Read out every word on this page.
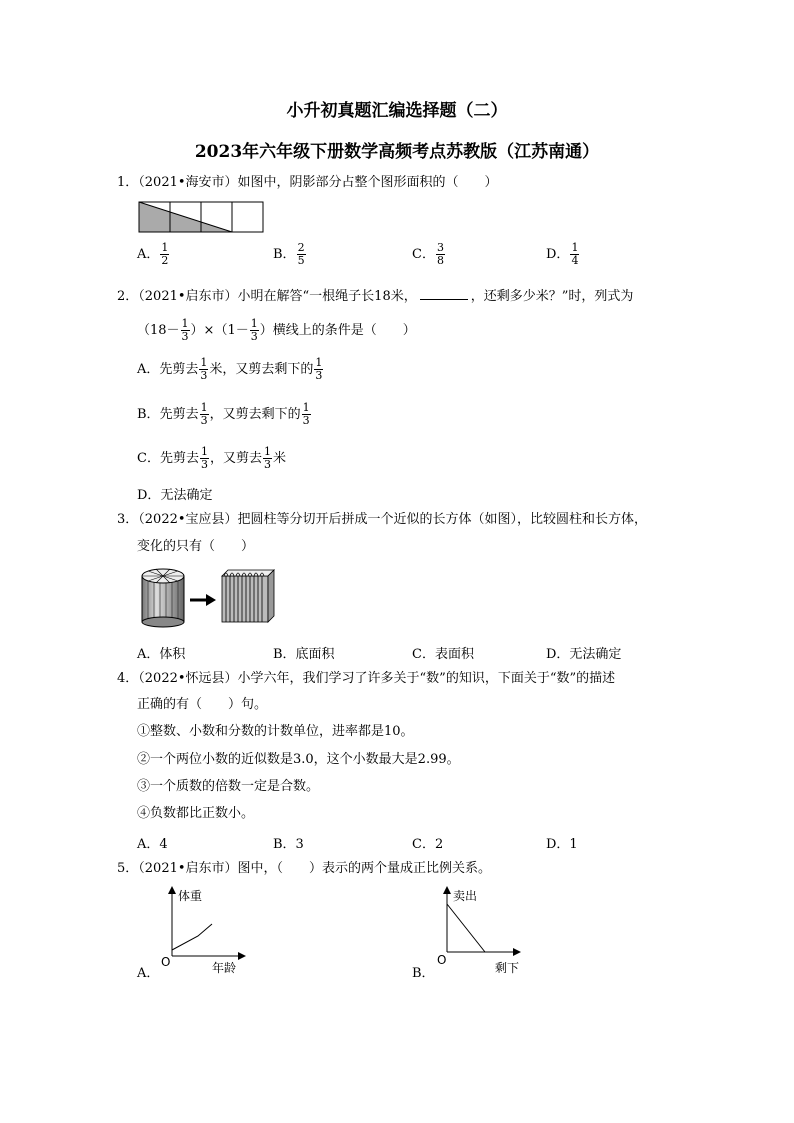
小升初真题汇编选择题（二）
2023年六年级下册数学高频考点苏教版（江苏南通）
1．（2021•海安市）如图中，阴影部分占整个图形面积的（　　）
A． $\frac{1}{2}$	B． $\frac{2}{5}$	C． $\frac{3}{8}$	D． $\frac{1}{4}$
2．（2021•启东市）小明在解答“一根绳子长18米，	，还剩多少米？”时，列式为
$(18- \frac{1}{3} )\times(1- \frac{1}{3}$ ）横线上的条件是（　　）
A．先剪去 $\frac{1}{3}$ 米，又剪去剩下的 $\frac{1}{3}$
B．先剪去 $\frac{1}{3}$ ，又剪去剩下的 $\frac{1}{3}$
C．先剪去 $\frac{1}{3}$ ，又剪去 $\frac{1}{3}$ 米
D．无法确定
3．（2022•宝应县）把圆柱等分切开后拼成一个近似的长方体（如图），比较圆柱和长方体，
变化的只有（　　）
A．体积	B．底面积	C．表面积	D．无法确定
4．（2022•怀远县）小学六年，我们学习了许多关于“数”的知识，下面关于“数”的描述
正确的有（　　）句。
①整数、小数和分数的计数单位，进率都是10。
②一个两位小数的近似数是3.0，这个小数最大是2.99。
③一个质数的倍数一定是合数。
④负数都比正数小。
A．4	B．3	C．2	D．1
5．（2021•启东市）图中，（　　）表示的两个量成正比例关系。
A．
体重
O	年龄	B．
卖出
O
剩下
